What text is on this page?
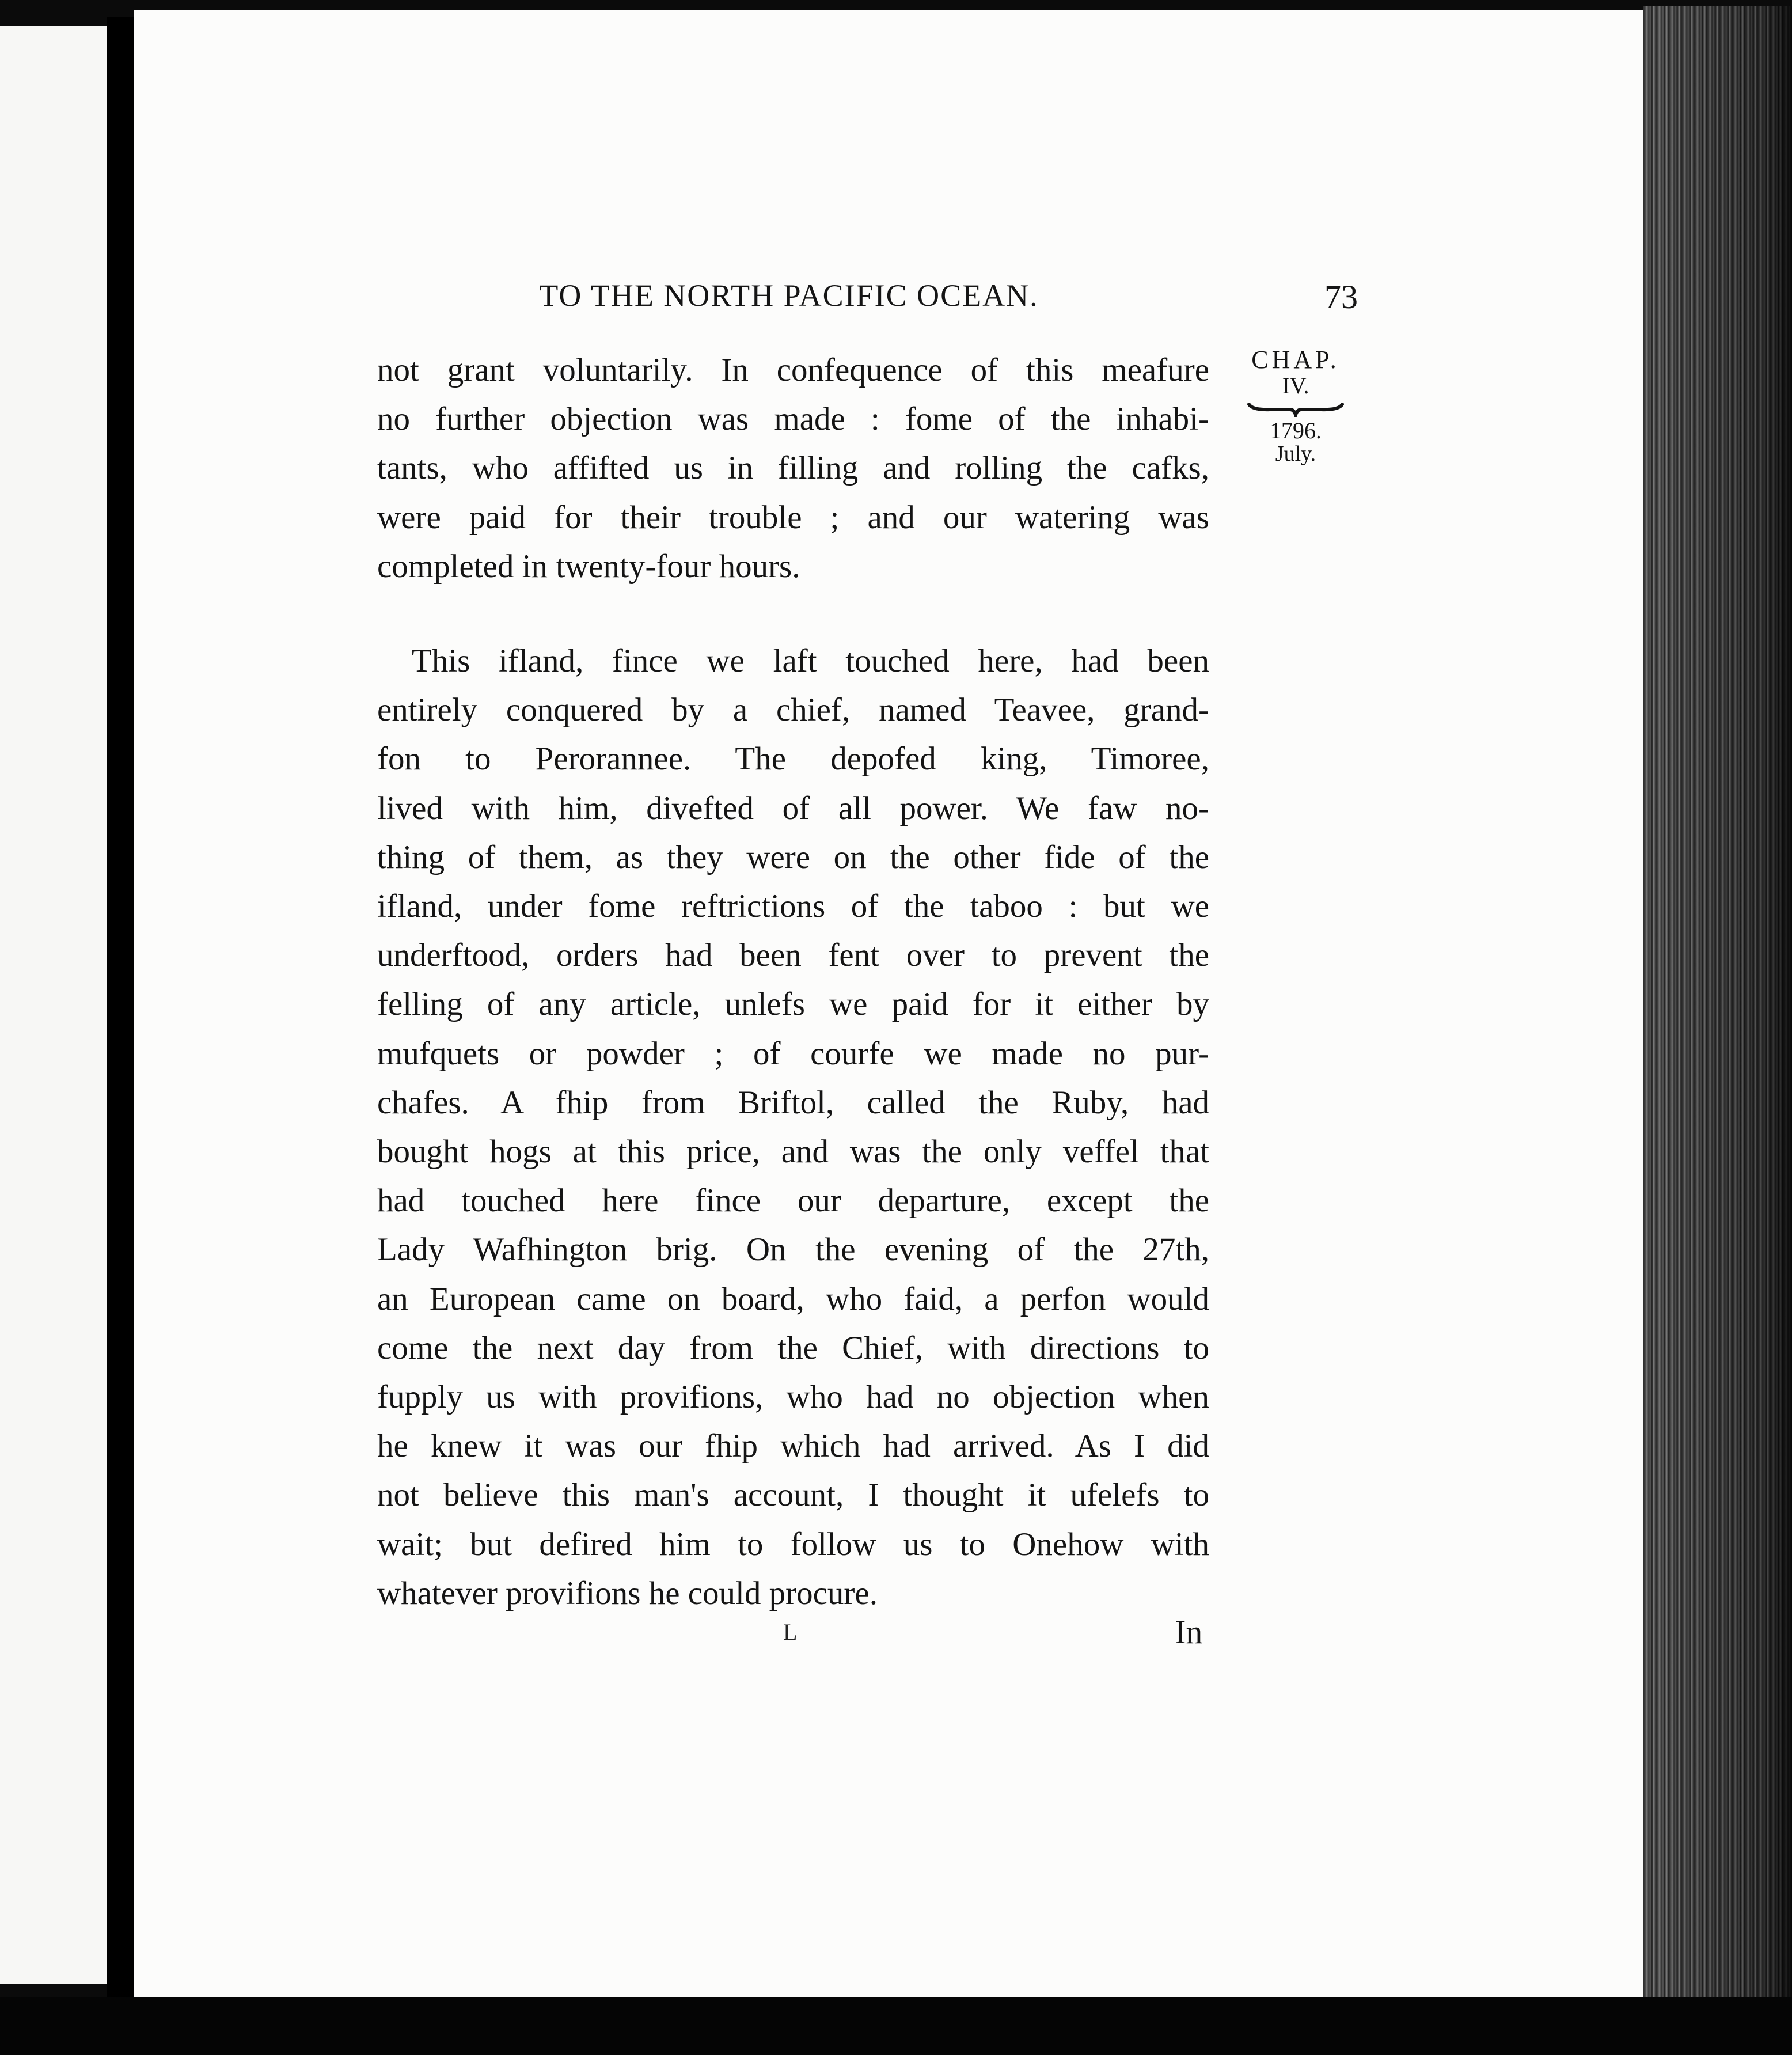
TO THE NORTH PACIFIC OCEAN.	73
CHAP.
IV.
1796.
July.
not grant voluntarily. In confequence of this meafure
no further objection was made : fome of the inhabi-
tants, who affifted us in filling and rolling the cafks,
were paid for their trouble ; and our watering was
completed in twenty-four hours.
This ifland, fince we laft touched here, had been
entirely conquered by a chief, named Teavee, grand-
fon to Perorannee. The depofed king, Timoree,
lived with him, divefted of all power. We faw no-
thing of them, as they were on the other fide of the
ifland, under fome reftrictions of the taboo : but we
underftood, orders had been fent over to prevent the
felling of any article, unlefs we paid for it either by
mufquets or powder ; of courfe we made no pur-
chafes. A fhip from Briftol, called the Ruby, had
bought hogs at this price, and was the only veffel that
had touched here fince our departure, except the
Lady Wafhington brig. On the evening of the 27th,
an European came on board, who faid, a perfon would
come the next day from the Chief, with directions to
fupply us with provifions, who had no objection when
he knew it was our fhip which had arrived. As I did
not believe this man's account, I thought it ufelefs to
wait; but defired him to follow us to Onehow with
whatever provifions he could procure.
L	In
